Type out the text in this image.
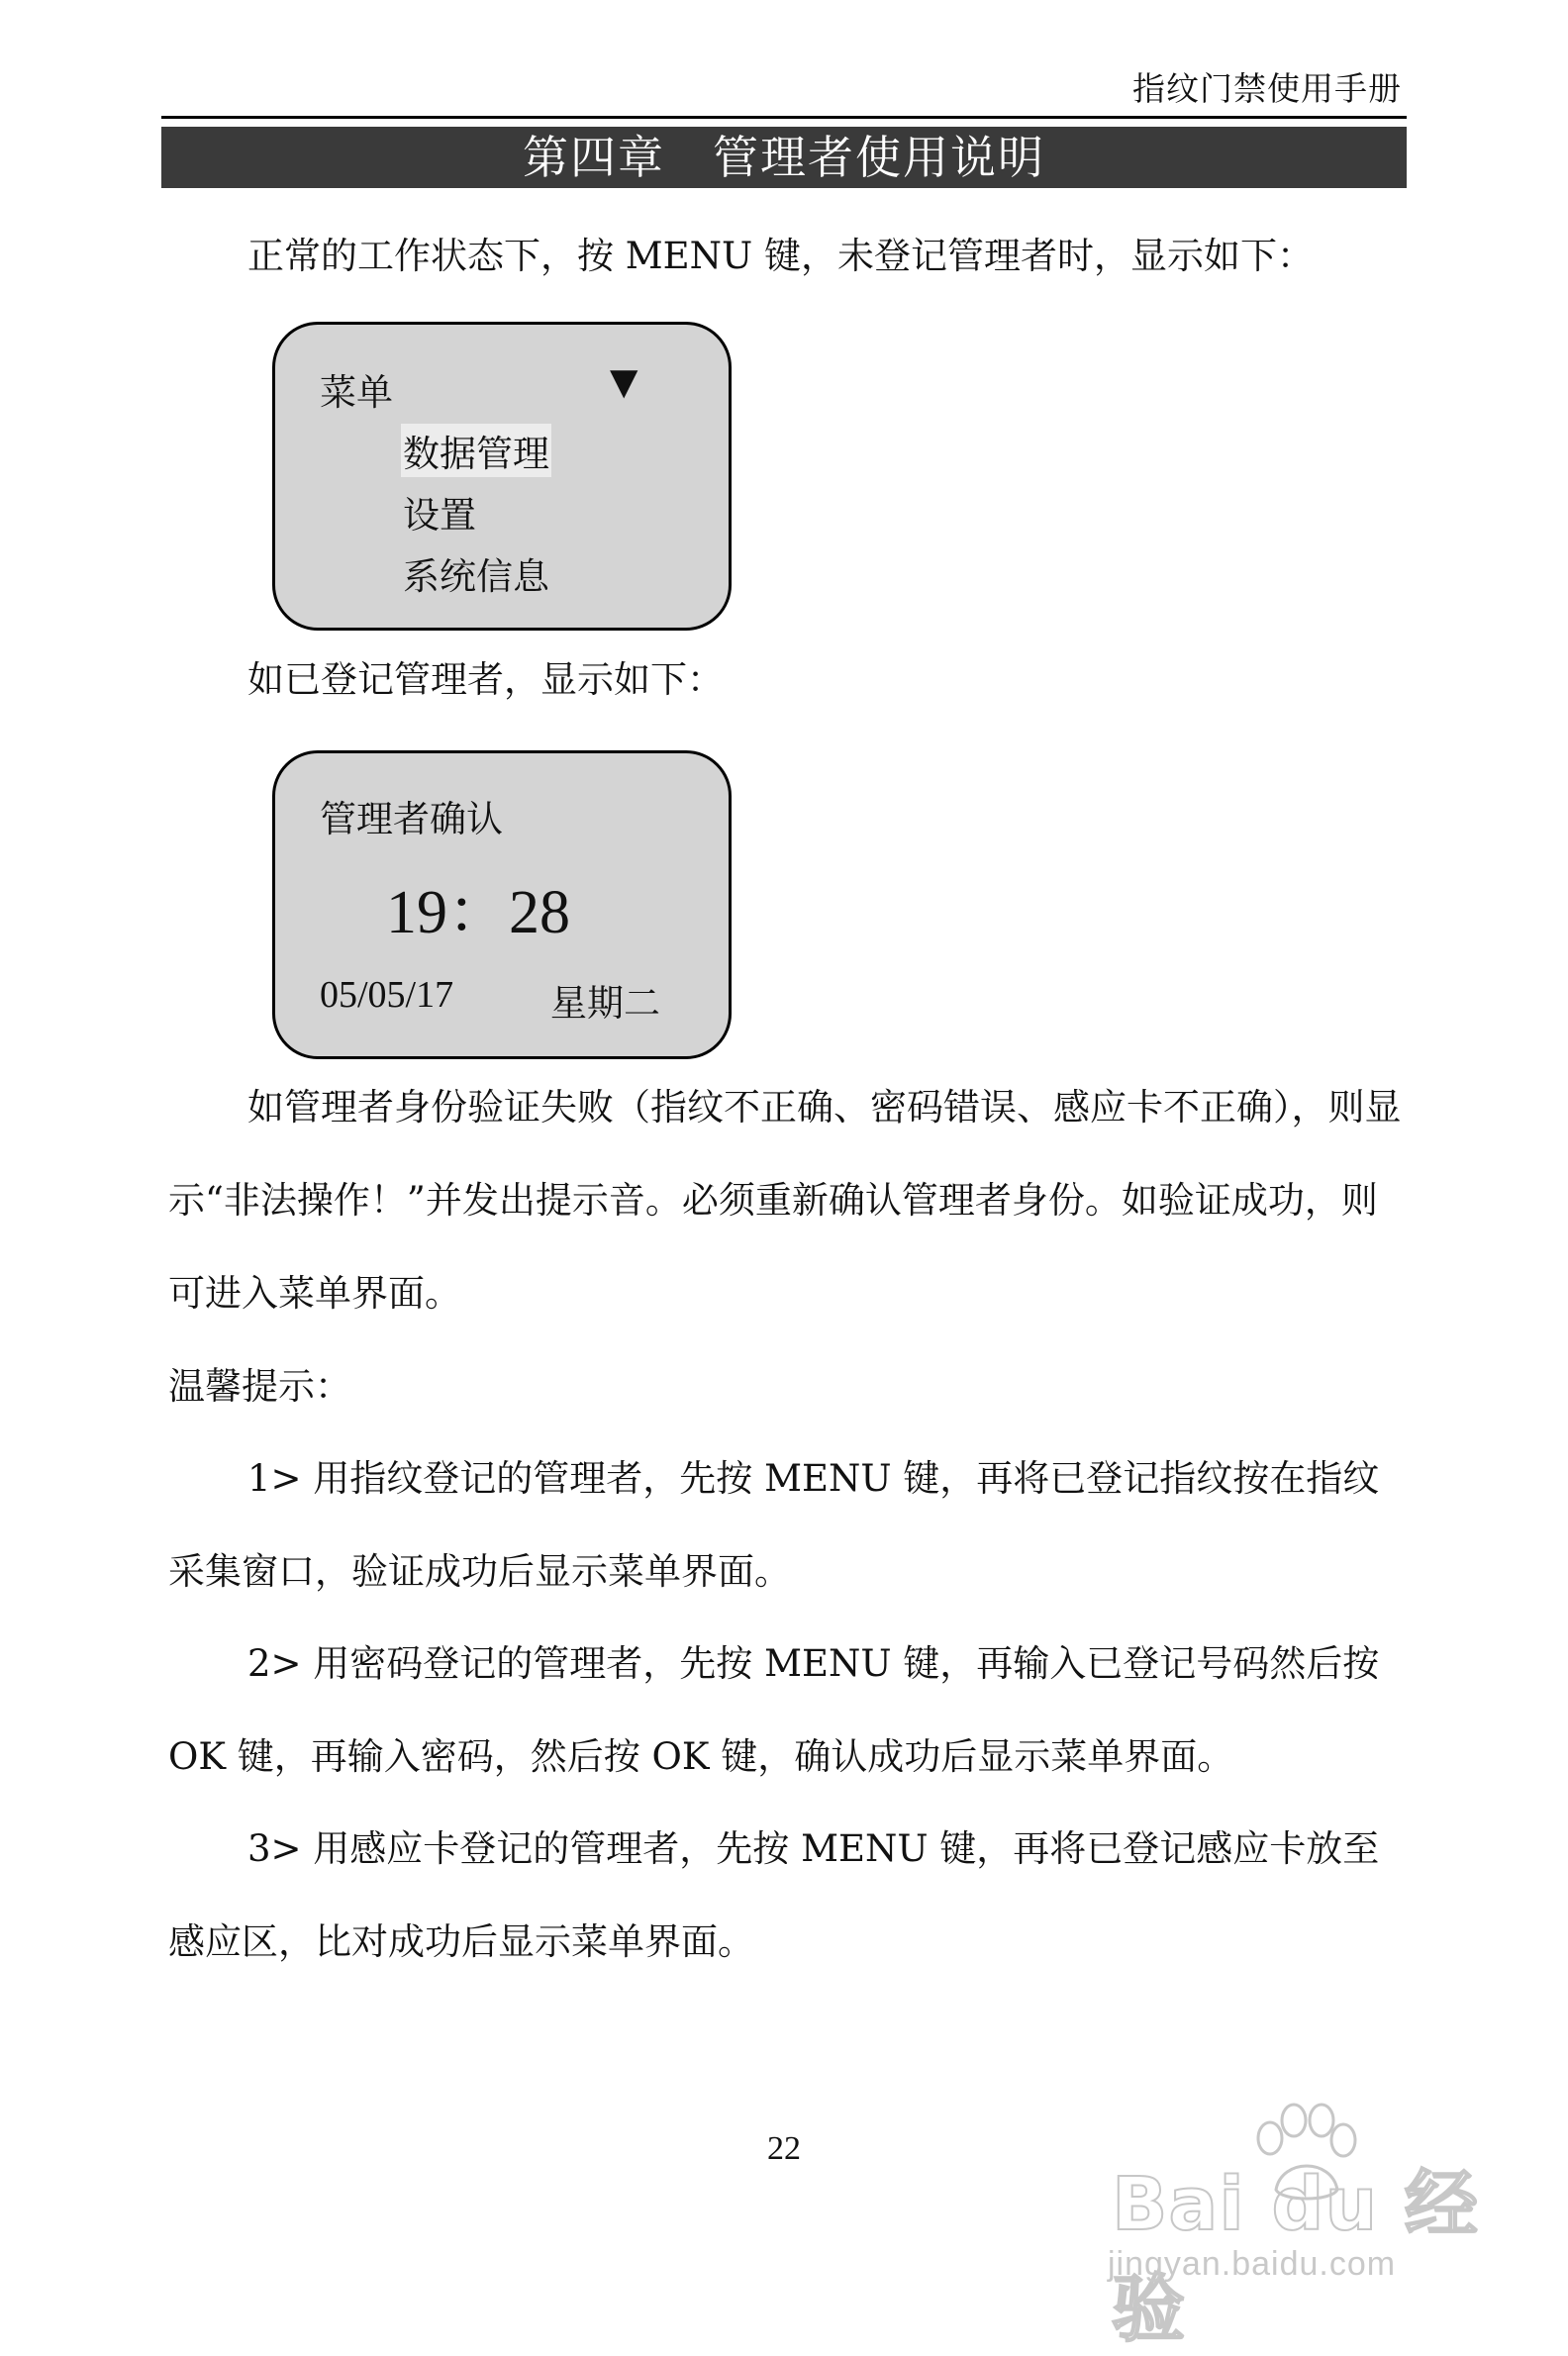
指纹门禁使用手册
第四章　管理者使用说明

正常的工作状态下，按 MENU 键，未登记管理者时，显示如下：

菜单	▼
数据管理
设置
系统信息

如已登记管理者，显示如下：

管理者确认
19：28
05/05/17	星期二

如管理者身份验证失败（指纹不正确、密码错误、感应卡不正确），则显示“非法操作！”并发出提示音。必须重新确认管理者身份。如验证成功，则可进入菜单界面。

温馨提示：

1> 用指纹登记的管理者，先按 MENU 键，再将已登记指纹按在指纹采集窗口，验证成功后显示菜单界面。

2> 用密码登记的管理者，先按 MENU 键，再输入已登记号码然后按 OK 键，再输入密码，然后按 OK 键，确认成功后显示菜单界面。

3> 用感应卡登记的管理者，先按 MENU 键，再将已登记感应卡放至感应区，比对成功后显示菜单界面。

22
Bai du 经验
jingyan.baidu.com
